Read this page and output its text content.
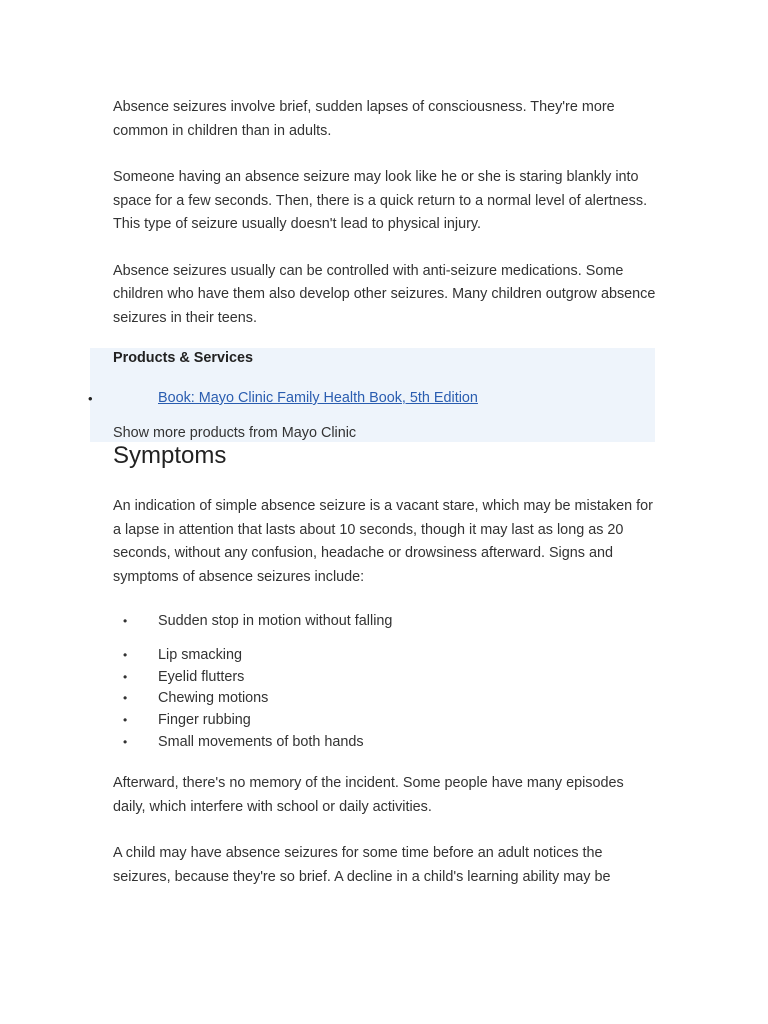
Absence seizures involve brief, sudden lapses of consciousness. They're more common in children than in adults.

Someone having an absence seizure may look like he or she is staring blankly into space for a few seconds. Then, there is a quick return to a normal level of alertness. This type of seizure usually doesn't lead to physical injury.

Absence seizures usually can be controlled with anti-seizure medications. Some children who have them also develop other seizures. Many children outgrow absence seizures in their teens.

Products & Services
•	Book: Mayo Clinic Family Health Book, 5th Edition
Show more products from Mayo Clinic
Symptoms

An indication of simple absence seizure is a vacant stare, which may be mistaken for a lapse in attention that lasts about 10 seconds, though it may last as long as 20 seconds, without any confusion, headache or drowsiness afterward. Signs and symptoms of absence seizures include:

• Sudden stop in motion without falling
• Lip smacking
• Eyelid flutters
• Chewing motions
• Finger rubbing
• Small movements of both hands

Afterward, there's no memory of the incident. Some people have many episodes daily, which interfere with school or daily activities.

A child may have absence seizures for some time before an adult notices the seizures, because they're so brief. A decline in a child's learning ability may be
